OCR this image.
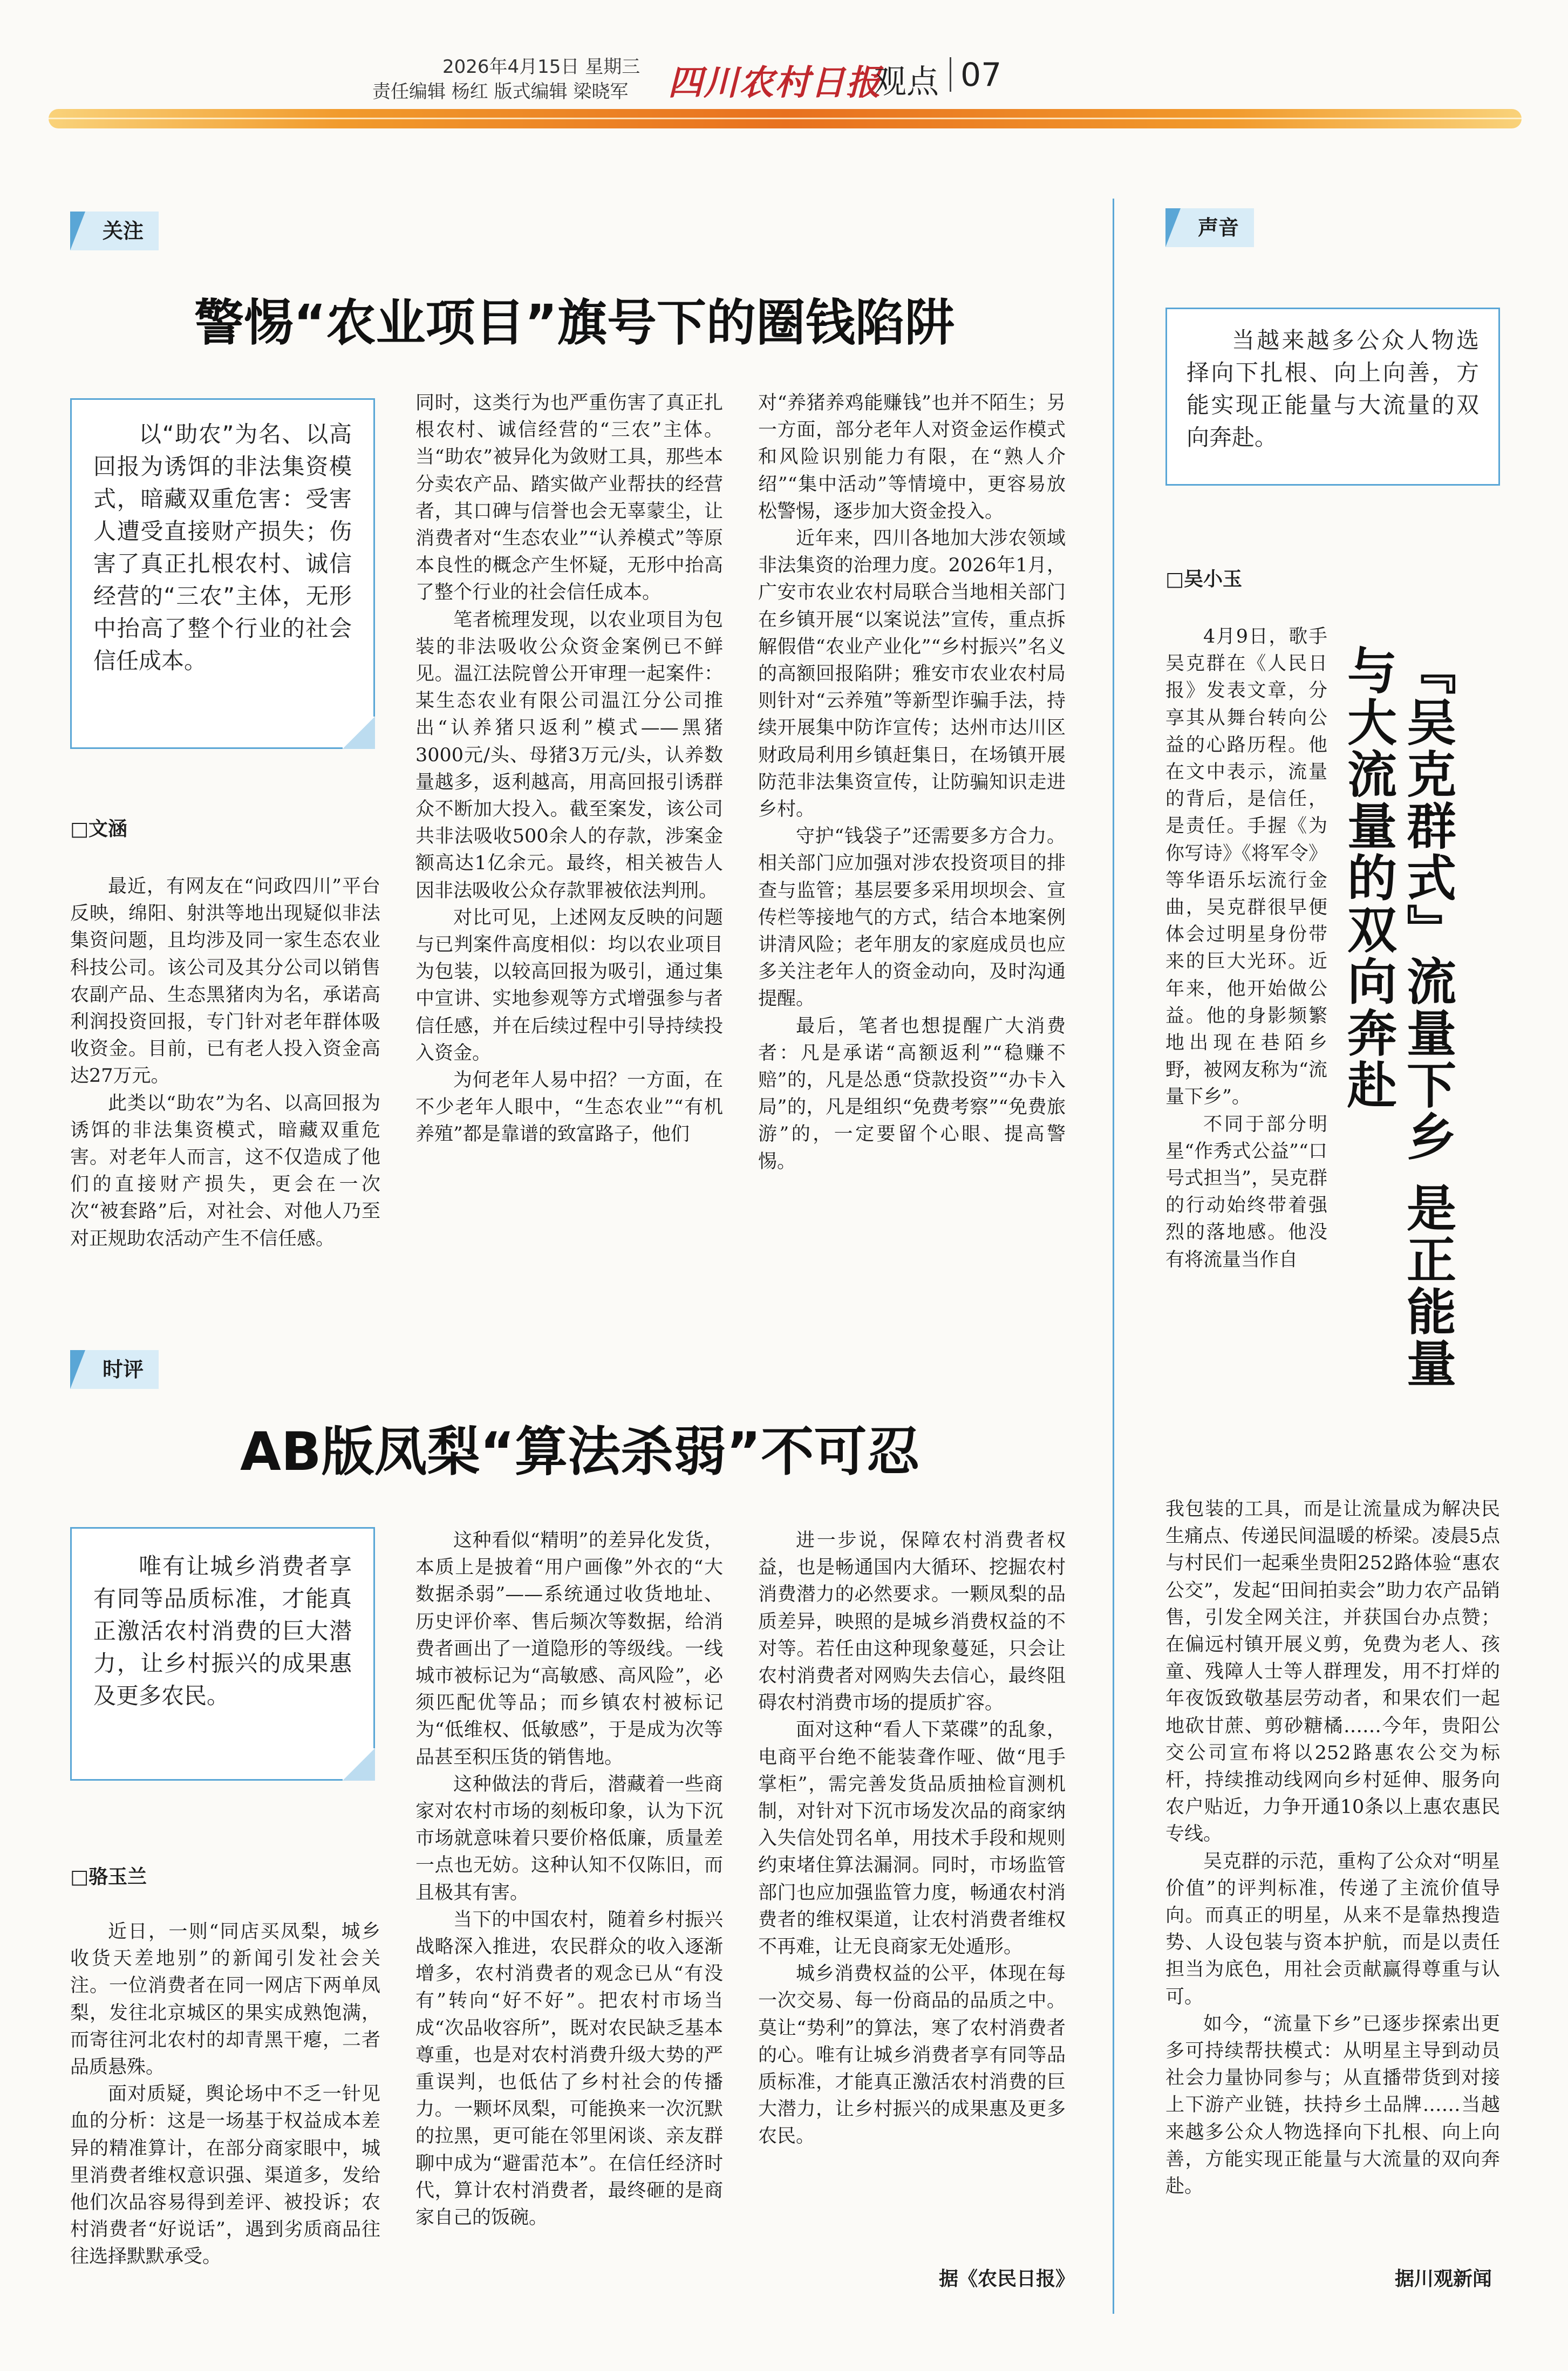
2026年4月15日 星期三
责任编辑 杨红 版式编辑 梁晓军 四川农村日报
观点 07
关注
警惕“农业项目”旗号下的圈钱陷阱
以“助农”为名、以高回报为诱饵的非法集资模式，暗藏双重危害：受害人遭受直接财产损失；伤害了真正扎根农村、诚信经营的“三农”主体，无形中抬高了整个行业的社会信任成本。
□文涵

最近，有网友在“问政四川”平台反映，绵阳、射洪等地出现疑似非法集资问题，且均涉及同一家生态农业科技公司。该公司及其分公司以销售农副产品、生态黑猪肉为名，承诺高利润投资回报，专门针对老年群体吸收资金。目前，已有老人投入资金高达27万元。

此类以“助农”为名、以高回报为诱饵的非法集资模式，暗藏双重危害。对老年人而言，这不仅造成了他们的直接财产损失，更会在一次次“被套路”后，对社会、对他人乃至对正规助农活动产生不信任感。

同时，这类行为也严重伤害了真正扎根农村、诚信经营的“三农”主体。当“助农”被异化为敛财工具，那些本分卖农产品、踏实做产业帮扶的经营者，其口碑与信誉也会无辜蒙尘，让消费者对“生态农业”“认养模式”等原本良性的概念产生怀疑，无形中抬高了整个行业的社会信任成本。

笔者梳理发现，以农业项目为包装的非法吸收公众资金案例已不鲜见。温江法院曾公开审理一起案件：某生态农业有限公司温江分公司推出“认养猪只返利”模式——黑猪3000元/头、母猪3万元/头，认养数量越多，返利越高，用高回报引诱群众不断加大投入。截至案发，该公司共非法吸收500余人的存款，涉案金额高达1亿余元。最终，相关被告人因非法吸收公众存款罪被依法判刑。

对比可见，上述网友反映的问题与已判案件高度相似：均以农业项目为包装，以较高回报为吸引，通过集中宣讲、实地参观等方式增强参与者信任感，并在后续过程中引导持续投入资金。

为何老年人易中招？一方面，在不少老年人眼中，“生态农业”“有机养殖”都是靠谱的致富路子，他们

对“养猪养鸡能赚钱”也并不陌生；另一方面，部分老年人对资金运作模式和风险识别能力有限，在“熟人介绍”“集中活动”等情境中，更容易放松警惕，逐步加大资金投入。

近年来，四川各地加大涉农领域非法集资的治理力度。2026年1月，广安市农业农村局联合当地相关部门在乡镇开展“以案说法”宣传，重点拆解假借“农业产业化”“乡村振兴”名义的高额回报陷阱；雅安市农业农村局则针对“云养殖”等新型诈骗手法，持续开展集中防诈宣传；达州市达川区财政局利用乡镇赶集日，在场镇开展防范非法集资宣传，让防骗知识走进乡村。

守护“钱袋子”还需要多方合力。相关部门应加强对涉农投资项目的排查与监管；基层要多采用坝坝会、宣传栏等接地气的方式，结合本地案例讲清风险；老年朋友的家庭成员也应多关注老年人的资金动向，及时沟通提醒。

最后，笔者也想提醒广大消费者：凡是承诺“高额返利”“稳赚不赔”的，凡是怂恿“贷款投资”“办卡入局”的，凡是组织“免费考察”“免费旅游”的，一定要留个心眼、提高警惕。

时评
AB版凤梨“算法杀弱”不可忍
唯有让城乡消费者享有同等品质标准，才能真正激活农村消费的巨大潜力，让乡村振兴的成果惠及更多农民。
□骆玉兰

近日，一则“同店买凤梨，城乡收货天差地别”的新闻引发社会关注。一位消费者在同一网店下两单凤梨，发往北京城区的果实成熟饱满，而寄往河北农村的却青黑干瘪，二者品质悬殊。

面对质疑，舆论场中不乏一针见血的分析：这是一场基于权益成本差异的精准算计，在部分商家眼中，城里消费者维权意识强、渠道多，发给他们次品容易得到差评、被投诉；农村消费者“好说话”，遇到劣质商品往往选择默默承受。

这种看似“精明”的差异化发货，本质上是披着“用户画像”外衣的“大数据杀弱”——系统通过收货地址、历史评价率、售后频次等数据，给消费者画出了一道隐形的等级线。一线城市被标记为“高敏感、高风险”，必须匹配优等品；而乡镇农村被标记为“低维权、低敏感”，于是成为次等品甚至积压货的销售地。

这种做法的背后，潜藏着一些商家对农村市场的刻板印象，认为下沉市场就意味着只要价格低廉，质量差一点也无妨。这种认知不仅陈旧，而且极其有害。

当下的中国农村，随着乡村振兴战略深入推进，农民群众的收入逐渐增多，农村消费者的观念已从“有没有”转向“好不好”。把农村市场当成“次品收容所”，既对农民缺乏基本尊重，也是对农村消费升级大势的严重误判，也低估了乡村社会的传播力。一颗坏凤梨，可能换来一次沉默的拉黑，更可能在邻里闲谈、亲友群聊中成为“避雷范本”。在信任经济时代，算计农村消费者，最终砸的是商家自己的饭碗。

进一步说，保障农村消费者权益，也是畅通国内大循环、挖掘农村消费潜力的必然要求。一颗凤梨的品质差异，映照的是城乡消费权益的不对等。若任由这种现象蔓延，只会让农村消费者对网购失去信心，最终阻碍农村消费市场的提质扩容。

面对这种“看人下菜碟”的乱象，电商平台绝不能装聋作哑、做“甩手掌柜”，需完善发货品质抽检盲测机制，对针对下沉市场发次品的商家纳入失信处罚名单，用技术手段和规则约束堵住算法漏洞。同时，市场监管部门也应加强监管力度，畅通农村消费者的维权渠道，让农村消费者维权不再难，让无良商家无处遁形。

城乡消费权益的公平，体现在每一次交易、每一份商品的品质之中。莫让“势利”的算法，寒了农村消费者的心。唯有让城乡消费者享有同等品质标准，才能真正激活农村消费的巨大潜力，让乡村振兴的成果惠及更多农民。

据《农民日报》
声音
当越来越多公众人物选择向下扎根、向上向善，方能实现正能量与大流量的双向奔赴。
□吴小玉
『吴克群式』流量下乡 是正能量与大流量的双向奔赴

4月9日，歌手吴克群在《人民日报》发表文章，分享其从舞台转向公益的心路历程。他在文中表示，流量的背后，是信任，是责任。手握《为你写诗》《将军令》等华语乐坛流行金曲，吴克群很早便体会过明星身份带来的巨大光环。近年来，他开始做公益。他的身影频繁地出现在巷陌乡野，被网友称为“流量下乡”。

不同于部分明星“作秀式公益”“口号式担当”，吴克群的行动始终带着强烈的落地感。他没有将流量当作自

我包装的工具，而是让流量成为解决民生痛点、传递民间温暖的桥梁。凌晨5点与村民们一起乘坐贵阳252路体验“惠农公交”，发起“田间拍卖会”助力农产品销售，引发全网关注，并获国台办点赞；在偏远村镇开展义剪，免费为老人、孩童、残障人士等人群理发，用不打烊的年夜饭致敬基层劳动者，和果农们一起地砍甘蔗、剪砂糖橘……今年，贵阳公交公司宣布将以252路惠农公交为标杆，持续推动线网向乡村延伸、服务向农户贴近，力争开通10条以上惠农惠民专线。

吴克群的示范，重构了公众对“明星价值”的评判标准，传递了主流价值导向。而真正的明星，从来不是靠热搜造势、人设包装与资本护航，而是以责任担当为底色，用社会贡献赢得尊重与认可。

如今，“流量下乡”已逐步探索出更多可持续帮扶模式：从明星主导到动员社会力量协同参与；从直播带货到对接上下游产业链，扶持乡土品牌……当越来越多公众人物选择向下扎根、向上向善，方能实现正能量与大流量的双向奔赴。

据川观新闻
